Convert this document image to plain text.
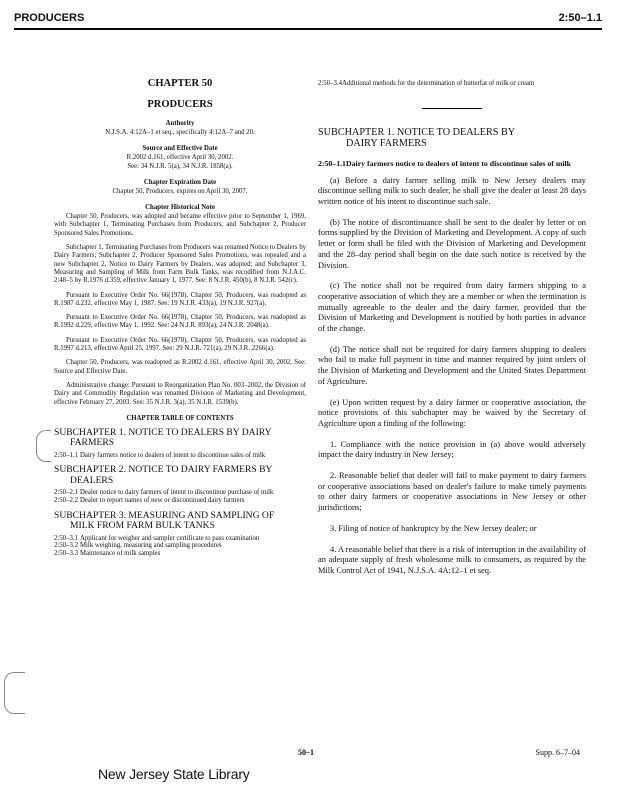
PRODUCERS	2:50–1.1
CHAPTER 50
PRODUCERS
Authority
N.J.S.A. 4:12A–1 et seq., specifically 4:12A–7 and 20.
Source and Effective Date
R.2002 d.161, effective April 30, 2002.
See: 34 N.J.R. 5(a), 34 N.J.R. 1858(a).
Chapter Expiration Date
Chapter 50, Producers, expires on April 30, 2007.
Chapter Historical Note
Chapter 50, Producers, was adopted and became effective prior to September 1, 1969, with Subchapter 1, Terminating Purchases from Producers, and Subchapter 2, Producer Sponsored Sales Promotions.
Subchapter 1, Terminating Purchases from Producers was renamed Notice to Dealers by Dairy Farmers; Subchapter 2, Producer Sponsored Sales Promotions, was repealed and a new Subchapter 2, Notice to Dairy Farmers by Dealers, was adopted; and Subchapter 3, Measuring and Sampling of Milk from Farm Bulk Tanks, was recodified from N.J.A.C. 2:48–5 by R.1976 d.359, effective January 1, 1977. See: 8 N.J.R. 450(b), 8 N.J.R. 542(c).
Pursuant to Executive Order No. 66(1978), Chapter 50, Producers, was readopted as R.1987 d.232, effective May 1, 1987. See: 19 N.J.R. 433(a), 19 N.J.R. 927(a).
Pursuant to Executive Order No. 66(1978), Chapter 50, Producers, was readopted as R.1992 d.229, effective May 1, 1992. See: 24 N.J.R. 893(a), 24 N.J.R. 2048(a).
Pursuant to Executive Order No. 66(1978), Chapter 50, Producers, was readopted as R.1997 d.213, effective April 25, 1997. See: 29 N.J.R. 721(a), 29 N.J.R. 2266(a).
Chapter 50, Producers, was readopted as R.2002 d.161, effective April 30, 2002. See: Source and Effective Date.
Administrative change: Pursuant to Reorganization Plan No. 003–2002, the Division of Dairy and Commodity Regulation was renamed Division of Marketing and Development, effective February 27, 2003. See: 35 N.J.R. 3(a), 35 N.J.R. 1539(b).
CHAPTER TABLE OF CONTENTS
SUBCHAPTER 1. NOTICE TO DEALERS BY DAIRY
FARMERS
2:50–1.1 Dairy farmers notice to dealers of intent to discontinue sales of milk
SUBCHAPTER 2. NOTICE TO DAIRY FARMERS BY
DEALERS
2:50–2.1 Dealer notice to dairy farmers of intent to discontinue purchase of milk
2:50–2.2 Dealer to report names of new or discontinued dairy farmers
SUBCHAPTER 3. MEASURING AND SAMPLING OF
MILK FROM FARM BULK TANKS
2:50–3.1 Applicant for weigher and sampler certificate to pass examination
2:50–3.2 Milk weighing, measuring and sampling procedures
2:50–3.3 Maintenance of milk samples
2:50–3.4 Additional methods for the determination of butterfat of milk or cream
SUBCHAPTER 1. NOTICE TO DEALERS BY
DAIRY FARMERS
2:50–1.1 Dairy farmers notice to dealers of intent to discontinue sales of milk
(a) Before a dairy farmer selling milk to New Jersey dealers may discontinue selling milk to such dealer, he shall give the dealer at least 28 days written notice of his intent to discontinue such sale.
(b) The notice of discontinuance shall be sent to the dealer by letter or on forms supplied by the Division of Marketing and Development. A copy of such letter or form shall be filed with the Division of Marketing and Development and the 28–day period shall begin on the date such notice is received by the Division.
(c) The notice shall not be required from dairy farmers shipping to a cooperative association of which they are a member or when the termination is mutually agreeable to the dealer and the dairy farmer, provided that the Division of Marketing and Development is notified by both parties in advance of the change.
(d) The notice shall not be required for dairy farmers shipping to dealers who fail to make full payment in time and manner required by joint orders of the Division of Marketing and Development and the United States Department of Agriculture.
(e) Upon written request by a dairy farmer or cooperative association, the notice provisions of this subchapter may be waived by the Secretary of Agriculture upon a finding of the following:
1. Compliance with the notice provision in (a) above would adversely impact the dairy industry in New Jersey;
2. Reasonable belief that dealer will fail to make payment to dairy farmers or cooperative associations based on dealer's failure to make timely payments to other dairy farmers or cooperative associations in New Jersey or other jurisdictions;
3. Filing of notice of bankruptcy by the New Jersey dealer; or
4. A reasonable belief that there is a risk of interruption in the availability of an adequate supply of fresh wholesome milk to consumers, as required by the Milk Control Act of 1941, N.J.S.A. 4A:12–1 et seq.
50–1	Supp. 6–7–04
New Jersey State Library
